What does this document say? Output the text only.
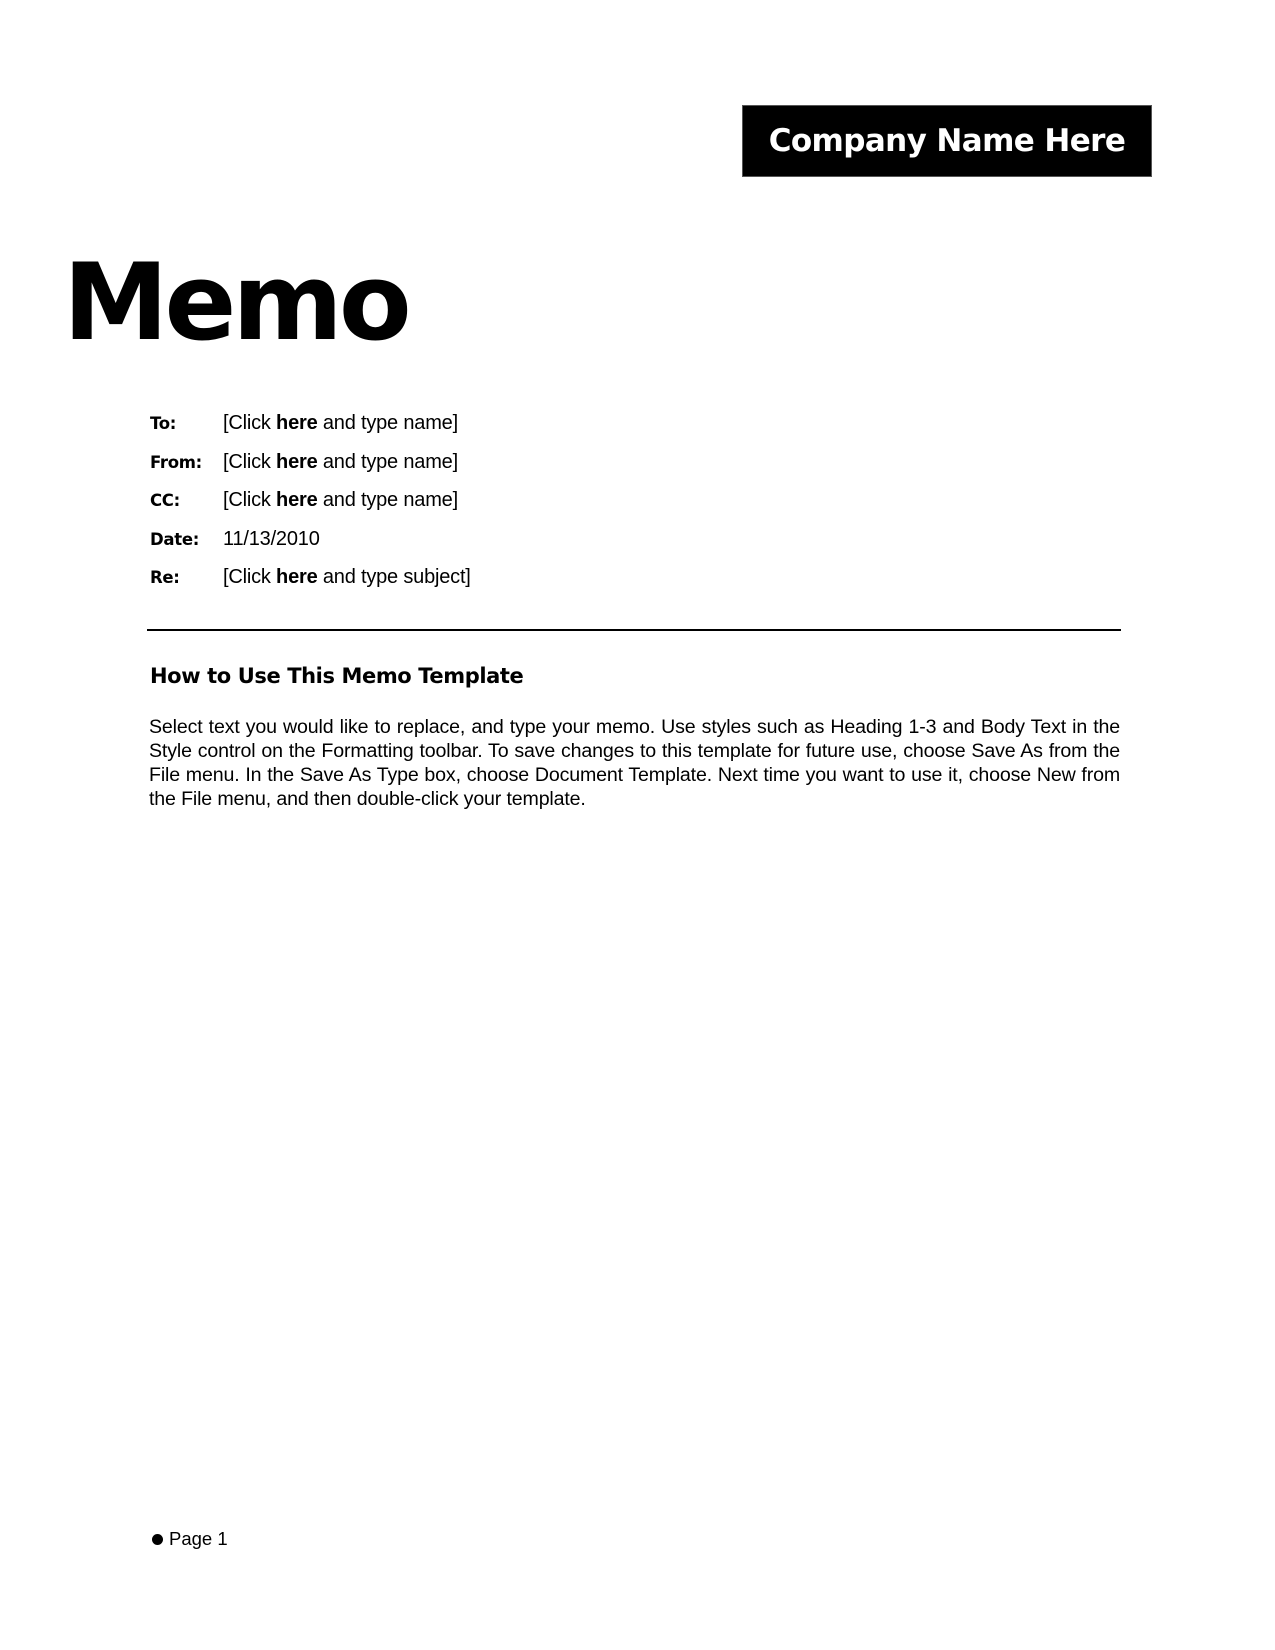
Company Name Here
Memo
To:	[Click here and type name]
From:	[Click here and type name]
CC:	[Click here and type name]
Date:	11/13/2010
Re:	[Click here and type subject]
How to Use This Memo Template
Select text you would like to replace, and type your memo. Use styles such as Heading 1-3 and Body Text in the Style control on the Formatting toolbar. To save changes to this template for future use, choose Save As from the File menu. In the Save As Type box, choose Document Template. Next time you want to use it, choose New from the File menu, and then double-click your template.
Page 1
